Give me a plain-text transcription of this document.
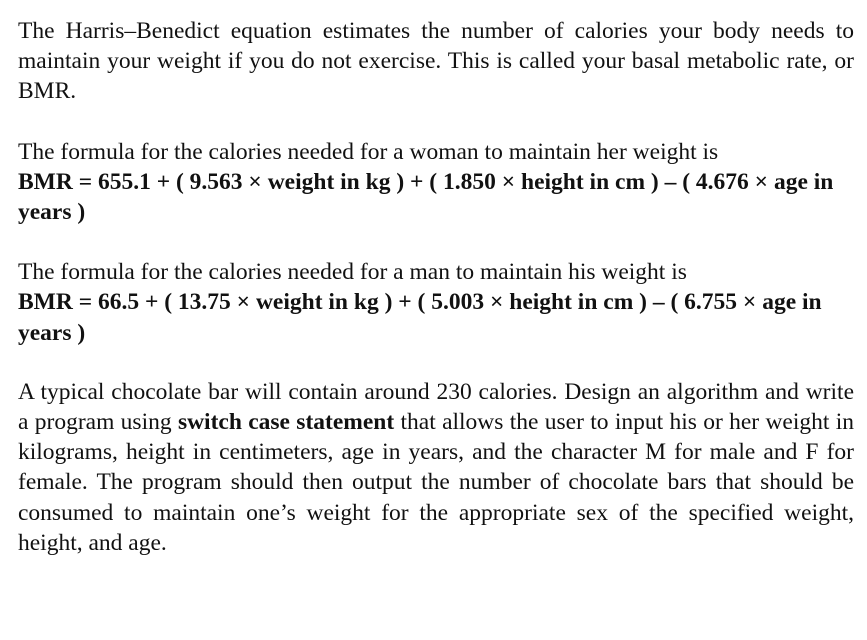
The Harris–Benedict equation estimates the number of calories your body needs to maintain your weight if you do not exercise. This is called your basal metabolic rate, or BMR.

The formula for the calories needed for a woman to maintain her weight is

BMR = 655.1 + ( 9.563 × weight in kg ) + ( 1.850 × height in cm ) – ( 4.676 × age in years )

The formula for the calories needed for a man to maintain his weight is

BMR = 66.5 + ( 13.75 × weight in kg ) + ( 5.003 × height in cm ) – ( 6.755 × age in years )

A typical chocolate bar will contain around 230 calories. Design an algorithm and write a program using switch case statement that allows the user to input his or her weight in kilograms, height in centimeters, age in years, and the character M for male and F for female. The program should then output the number of chocolate bars that should be consumed to maintain one’s weight for the appropriate sex of the specified weight, height, and age.
